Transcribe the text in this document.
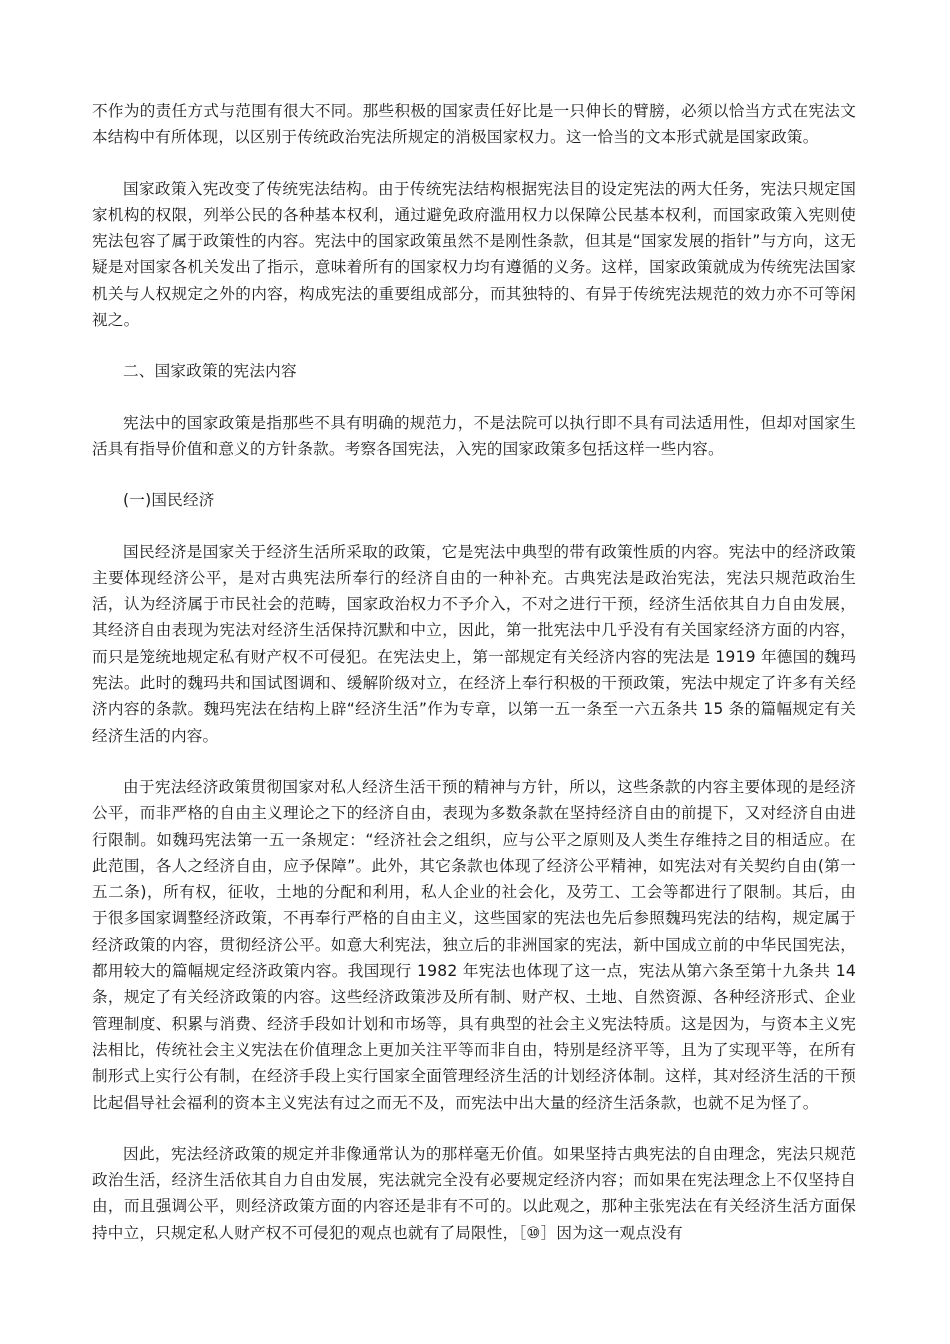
不作为的责任方式与范围有很大不同。那些积极的国家责任好比是一只伸长的臂膀，必须以恰当方式在宪法文本结构中有所体现，以区别于传统政治宪法所规定的消极国家权力。这一恰当的文本形式就是国家政策。

国家政策入宪改变了传统宪法结构。由于传统宪法结构根据宪法目的设定宪法的两大任务，宪法只规定国家机构的权限，列举公民的各种基本权利，通过避免政府滥用权力以保障公民基本权利，而国家政策入宪则使宪法包容了属于政策性的内容。宪法中的国家政策虽然不是刚性条款，但其是“国家发展的指针”与方向，这无疑是对国家各机关发出了指示，意味着所有的国家权力均有遵循的义务。这样，国家政策就成为传统宪法国家机关与人权规定之外的内容，构成宪法的重要组成部分，而其独特的、有异于传统宪法规范的效力亦不可等闲视之。

二、国家政策的宪法内容

宪法中的国家政策是指那些不具有明确的规范力，不是法院可以执行即不具有司法适用性，但却对国家生活具有指导价值和意义的方针条款。考察各国宪法，入宪的国家政策多包括这样一些内容。

(一)国民经济

国民经济是国家关于经济生活所采取的政策，它是宪法中典型的带有政策性质的内容。宪法中的经济政策主要体现经济公平，是对古典宪法所奉行的经济自由的一种补充。古典宪法是政治宪法，宪法只规范政治生活，认为经济属于市民社会的范畴，国家政治权力不予介入，不对之进行干预，经济生活依其自力自由发展，其经济自由表现为宪法对经济生活保持沉默和中立，因此，第一批宪法中几乎没有有关国家经济方面的内容，而只是笼统地规定私有财产权不可侵犯。在宪法史上，第一部规定有关经济内容的宪法是 1919 年德国的魏玛宪法。此时的魏玛共和国试图调和、缓解阶级对立，在经济上奉行积极的干预政策，宪法中规定了许多有关经济内容的条款。魏玛宪法在结构上辟“经济生活”作为专章，以第一五一条至一六五条共 15 条的篇幅规定有关经济生活的内容。

由于宪法经济政策贯彻国家对私人经济生活干预的精神与方针，所以，这些条款的内容主要体现的是经济公平，而非严格的自由主义理论之下的经济自由，表现为多数条款在坚持经济自由的前提下，又对经济自由进行限制。如魏玛宪法第一五一条规定：“经济社会之组织，应与公平之原则及人类生存维持之目的相适应。在此范围，各人之经济自由，应予保障”。此外，其它条款也体现了经济公平精神，如宪法对有关契约自由(第一五二条)，所有权，征收，土地的分配和利用，私人企业的社会化，及劳工、工会等都进行了限制。其后，由于很多国家调整经济政策，不再奉行严格的自由主义，这些国家的宪法也先后参照魏玛宪法的结构，规定属于经济政策的内容，贯彻经济公平。如意大利宪法，独立后的非洲国家的宪法，新中国成立前的中华民国宪法，都用较大的篇幅规定经济政策内容。我国现行 1982 年宪法也体现了这一点，宪法从第六条至第十九条共 14 条，规定了有关经济政策的内容。这些经济政策涉及所有制、财产权、土地、自然资源、各种经济形式、企业管理制度、积累与消费、经济手段如计划和市场等，具有典型的社会主义宪法特质。这是因为，与资本主义宪法相比，传统社会主义宪法在价值理念上更加关注平等而非自由，特别是经济平等，且为了实现平等，在所有制形式上实行公有制，在经济手段上实行国家全面管理经济生活的计划经济体制。这样，其对经济生活的干预比起倡导社会福利的资本主义宪法有过之而无不及，而宪法中出大量的经济生活条款，也就不足为怪了。

因此，宪法经济政策的规定并非像通常认为的那样毫无价值。如果坚持古典宪法的自由理念，宪法只规范政治生活，经济生活依其自力自由发展，宪法就完全没有必要规定经济内容；而如果在宪法理念上不仅坚持自由，而且强调公平，则经济政策方面的内容还是非有不可的。以此观之，那种主张宪法在有关经济生活方面保持中立，只规定私人财产权不可侵犯的观点也就有了局限性，［⑩］因为这一观点没有
